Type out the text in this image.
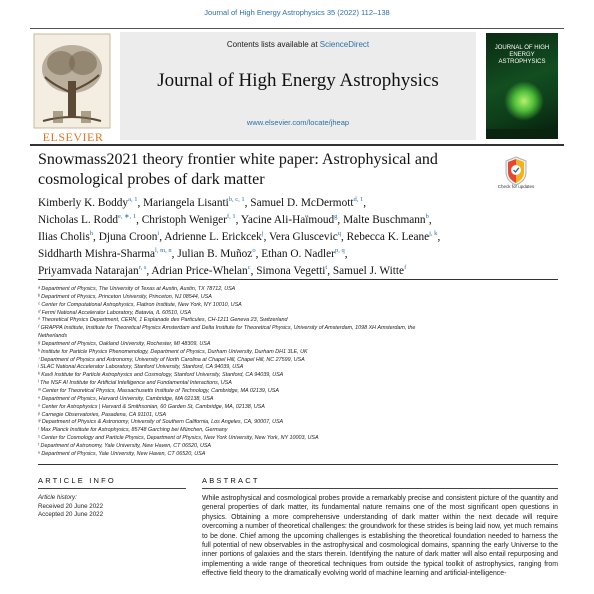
Journal of High Energy Astrophysics 35 (2022) 112–138
ELSEVIER
Contents lists available at ScienceDirect
Journal of High Energy Astrophysics
www.elsevier.com/locate/jheap
JOURNAL OF HIGH ENERGY ASTROPHYSICS
Snowmass2021 theory frontier white paper: Astrophysical and
cosmological probes of dark matter	Check for updates
Kimberly K. Boddy$^{a, 1}$, Mariangela Lisanti$^{b, c, 1}$, Samuel D. McDermott$^{d, 1}$,
Nicholas L. Rodd$^{e, ∗, 1}$, Christoph Weniger$^{f, 1}$, Yacine Ali-Haïmoud$^g$, Malte Buschmann$^b$,
Ilias Cholis$^h$, Djuna Croon$^i$, Adrienne L. Erickcek$^j$, Vera Gluscevic$^q$, Rebecca K. Leane$^{j, k}$,
Siddharth Mishra-Sharma$^{l, m, n}$, Julian B. Muñoz$^o$, Ethan O. Nadler$^{p, q}$,
Priyamvada Natarajan$^{r, s}$, Adrian Price-Whelan$^c$, Simona Vegetti$^t$, Samuel J. Witte$^f$
ᵃ Department of Physics, The University of Texas at Austin, Austin, TX 78712, USA
ᵇ Department of Physics, Princeton University, Princeton, NJ 08544, USA
ᶜ Center for Computational Astrophysics, Flatiron Institute, New York, NY 10010, USA
ᵈ Fermi National Accelerator Laboratory, Batavia, IL 60510, USA
ᵉ Theoretical Physics Department, CERN, 1 Esplanade des Particules, CH-1211 Geneva 23, Switzerland
ᶠ GRAPPA Institute, Institute for Theoretical Physics Amsterdam and Delta Institute for Theoretical Physics, University of Amsterdam, 1098 XH Amsterdam, the
Netherlands
ᵍ Department of Physics, Oakland University, Rochester, MI 48309, USA
ʰ Institute for Particle Physics Phenomenology, Department of Physics, Durham University, Durham DH1 3LE, UK
ⁱ Department of Physics and Astronomy, University of North Carolina at Chapel Hill, Chapel Hill, NC 27599, USA
ʲ SLAC National Accelerator Laboratory, Stanford University, Stanford, CA 94039, USA
ᵏ Kavli Institute for Particle Astrophysics and Cosmology, Stanford University, Stanford, CA 94039, USA
ˡ The NSF AI Institute for Artificial Intelligence and Fundamental Interactions, USA
ᵐ Center for Theoretical Physics, Massachusetts Institute of Technology, Cambridge, MA 02139, USA
ⁿ Department of Physics, Harvard University, Cambridge, MA 02138, USA
ᵒ Center for Astrophysics | Harvard & Smithsonian, 60 Garden St, Cambridge, MA, 02138, USA
ᵖ Carnegie Observatories, Pasadena, CA 91101, USA
ᵠ Department of Physics & Astronomy, University of Southern California, Los Angeles, CA, 90007, USA
ʳ Max Planck Institute for Astrophysics, 85748 Garching bei München, Germany
ˢ Center for Cosmology and Particle Physics, Department of Physics, New York University, New York, NY 10003, USA
ᵗ Department of Astronomy, Yale University, New Haven, CT 06520, USA
ᵘ Department of Physics, Yale University, New Haven, CT 06520, USA
ARTICLE INFO	ABSTRACT
Article history:
Received 20 June 2022
Accepted 20 June 2022
While astrophysical and cosmological probes provide a remarkably precise and consistent picture of the quantity and general properties of dark matter, its fundamental nature remains one of the most significant open questions in physics. Obtaining a more comprehensive understanding of dark matter within the next decade will require overcoming a number of theoretical challenges: the groundwork for these strides is being laid now, yet much remains to be done. Chief among the upcoming challenges is establishing the theoretical foundation needed to harness the full potential of new observables in the astrophysical and cosmological domains, spanning the early Universe to the inner portions of galaxies and the stars therein. Identifying the nature of dark matter will also entail repurposing and implementing a wide range of theoretical techniques from outside the typical toolkit of astrophysics, ranging from effective field theory to the dramatically evolving world of machine learning and artificial-intelligence-
